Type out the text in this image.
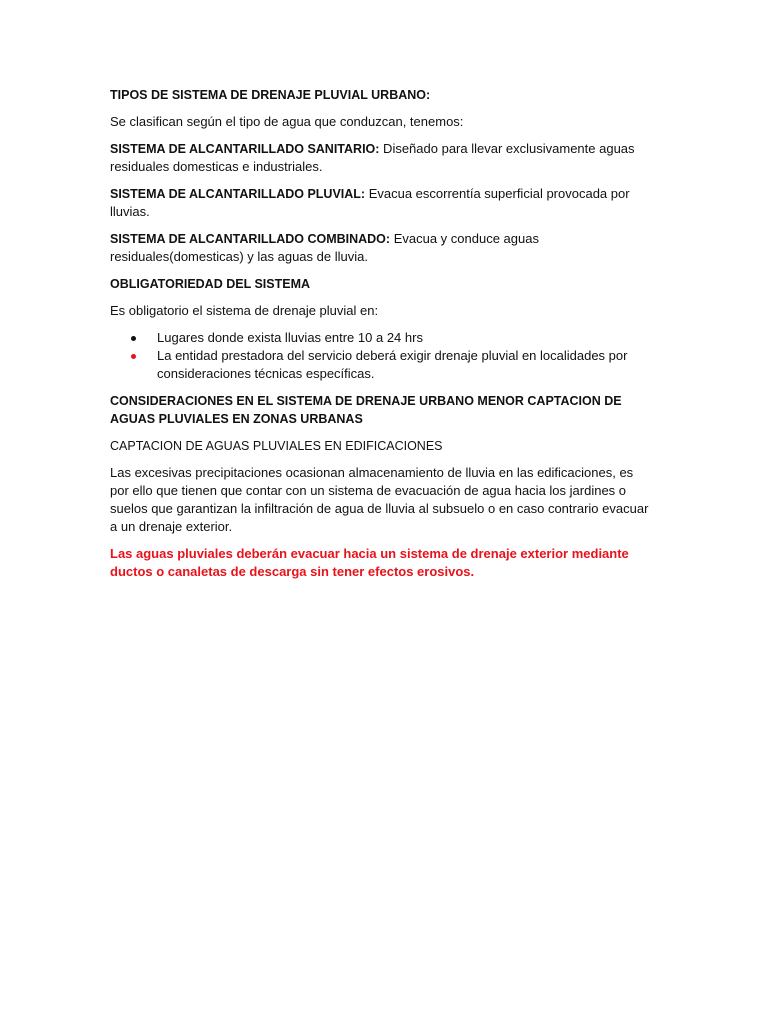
TIPOS DE SISTEMA DE DRENAJE PLUVIAL URBANO:

Se clasifican según el tipo de agua que conduzcan, tenemos:

SISTEMA DE ALCANTARILLADO SANITARIO: Diseñado para llevar exclusivamente aguas residuales domesticas e industriales.

SISTEMA DE ALCANTARILLADO PLUVIAL: Evacua escorrentía superficial provocada por lluvias.

SISTEMA DE ALCANTARILLADO COMBINADO: Evacua y conduce aguas residuales(domesticas) y las aguas de lluvia.

OBLIGATORIEDAD DEL SISTEMA

Es obligatorio el sistema de drenaje pluvial en:

Lugares donde exista lluvias entre 10 a 24 hrs
La entidad prestadora del servicio deberá exigir drenaje pluvial en localidades por consideraciones técnicas específicas.

CONSIDERACIONES EN EL SISTEMA DE DRENAJE URBANO MENOR CAPTACION DE AGUAS PLUVIALES EN ZONAS URBANAS

CAPTACION DE AGUAS PLUVIALES EN EDIFICACIONES

Las excesivas precipitaciones ocasionan almacenamiento de lluvia en las edificaciones, es por ello que tienen que contar con un sistema de evacuación de agua hacia los jardines o suelos que garantizan la infiltración de agua de lluvia al subsuelo o en caso contrario evacuar a un drenaje exterior.

Las aguas pluviales deberán evacuar hacia un sistema de drenaje exterior mediante ductos o canaletas de descarga sin tener efectos erosivos.
